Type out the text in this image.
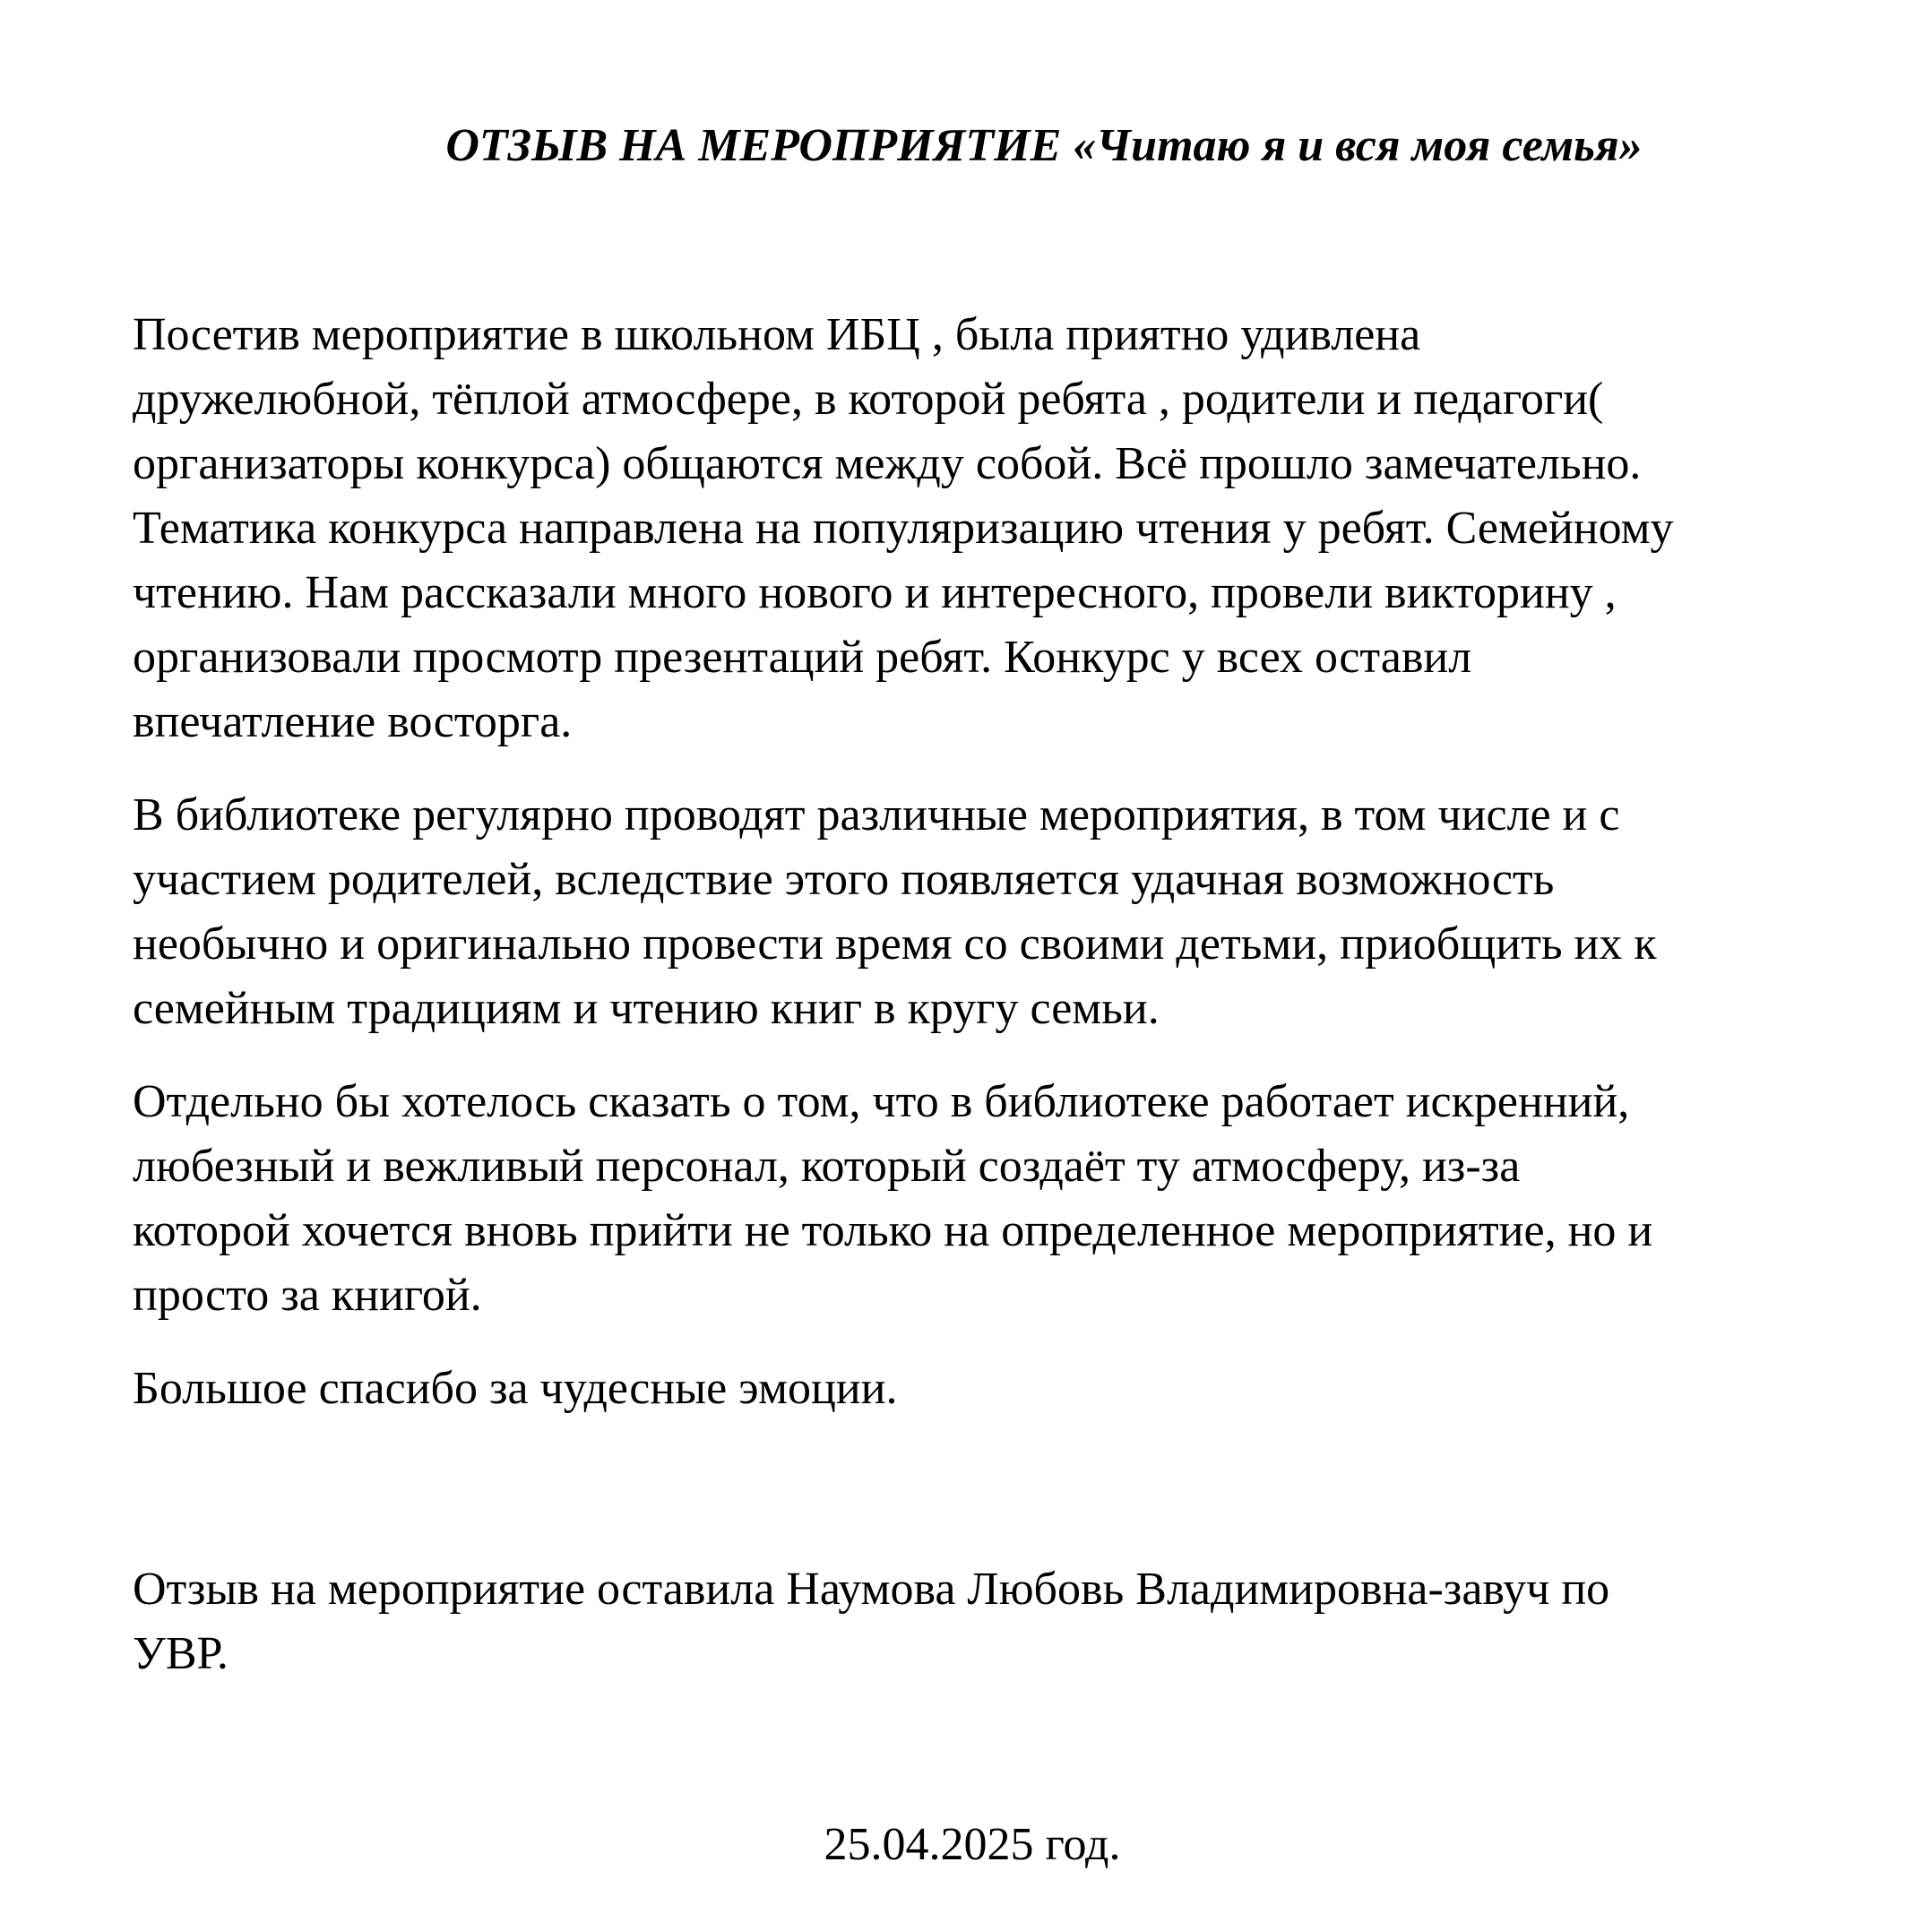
ОТЗЫВ НА МЕРОПРИЯТИЕ «Читаю я и вся моя семья»

Посетив мероприятие в школьном ИБЦ , была приятно удивлена
дружелюбной, тёплой атмосфере, в которой ребята , родители и педагоги(
организаторы конкурса) общаются между собой. Всё прошло замечательно.
Тематика конкурса направлена на популяризацию чтения у ребят. Семейному
чтению. Нам рассказали много нового и интересного, провели викторину ,
организовали просмотр презентаций ребят. Конкурс у всех оставил
впечатление восторга.

В библиотеке регулярно проводят различные мероприятия, в том числе и с
участием родителей, вследствие этого появляется удачная возможность
необычно и оригинально провести время со своими детьми, приобщить их к
семейным традициям и чтению книг в кругу семьи.

Отдельно бы хотелось сказать о том, что в библиотеке работает искренний,
любезный и вежливый персонал, который создаёт ту атмосферу, из-за
которой хочется вновь прийти не только на определенное мероприятие, но и
просто за книгой.

Большое спасибо за чудесные эмоции.

Отзыв на мероприятие оставила Наумова Любовь Владимировна-завуч по
УВР.
25.04.2025 год.
